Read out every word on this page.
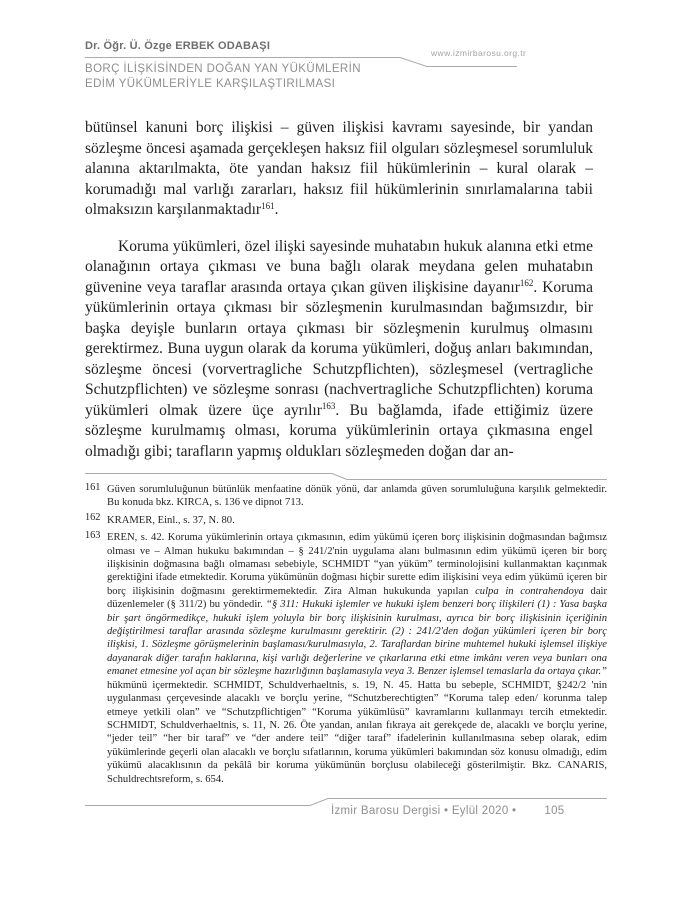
Dr. Öğr. Ü. Özge ERBEK ODABAŞI
www.izmirbarosu.org.tr
BORÇ İLİŞKİSİNDEN DOĞAN YAN YÜKÜMLERİN
EDİM YÜKÜMLERİYLE KARŞILAŞTIRILMASI

bütünsel kanuni borç ilişkisi – güven ilişkisi kavramı sayesinde, bir yandan sözleşme öncesi aşamada gerçekleşen haksız fiil olguları sözleşmesel sorumluluk alanına aktarılmakta, öte yandan haksız fiil hükümlerinin – kural olarak – korumadığı mal varlığı zararları, haksız fiil hükümlerinin sınırlamalarına tabii olmaksızın karşılanmaktadır$^{161}$.

Koruma yükümleri, özel ilişki sayesinde muhatabın hukuk alanına etki etme olanağının ortaya çıkması ve buna bağlı olarak meydana gelen muhatabın güvenine veya taraflar arasında ortaya çıkan güven ilişkisine dayanır$^{162}$. Koruma yükümlerinin ortaya çıkması bir sözleşmenin kurulmasından bağımsızdır, bir başka deyişle bunların ortaya çıkması bir sözleşmenin kurulmuş olmasını gerektirmez. Buna uygun olarak da koruma yükümleri, doğuş anları bakımından, sözleşme öncesi (vorvertragliche Schutzpflichten), sözleşmesel (vertragliche Schutzpflichten) ve sözleşme sonrası (nachvertragliche Schutzpflichten) koruma yükümleri olmak üzere üçe ayrılır$^{163}$. Bu bağlamda, ifade ettiğimiz üzere sözleşme kurulmamış olması, koruma yükümlerinin ortaya çıkmasına engel olmadığı gibi; tarafların yapmış oldukları sözleşmeden doğan dar an-

161 Güven sorumluluğunun bütünlük menfaatine dönük yönü, dar anlamda güven sorumluluğuna karşılık gelmektedir. Bu konuda bkz. KIRCA, s. 136 ve dipnot 713.
162 KRAMER, Einl., s. 37, N. 80.
163 EREN, s. 42. Koruma yükümlerinin ortaya çıkmasının, edim yükümü içeren borç ilişkisinin doğmasından bağımsız olması ve – Alman hukuku bakımından – § 241/2'nin uygulama alanı bulmasının edim yükümü içeren bir borç ilişkisinin doğmasına bağlı olmaması sebebiyle, SCHMIDT “yan yüküm” terminolojisini kullanmaktan kaçınmak gerektiğini ifade etmektedir. Koruma yükümünün doğması hiçbir surette edim ilişkisini veya edim yükümü içeren bir borç ilişkisinin doğmasını gerektirmemektedir. Zira Alman hukukunda yapılan culpa in contrahendoya dair düzenlemeler (§ 311/2) bu yöndedir. “§ 311: Hukuki işlemler ve hukuki işlem benzeri borç ilişkileri (1) : Yasa başka bir şart öngörmedikçe, hukuki işlem yoluyla bir borç ilişkisinin kurulması, ayrıca bir borç ilişkisinin içeriğinin değiştirilmesi taraflar arasında sözleşme kurulmasını gerektirir. (2) : 241/2'den doğan yükümleri içeren bir borç ilişkisi, 1. Sözleşme görüşmelerinin başlaması/kurulmasıyla, 2. Taraflardan birine muhtemel hukuki işlemsel ilişkiye dayanarak diğer tarafın haklarına, kişi varlığı değerlerine ve çıkarlarına etki etme imkânı veren veya bunları ona emanet etmesine yol açan bir sözleşme hazırlığının başlamasıyla veya 3. Benzer işlemsel temaslarla da ortaya çıkar.” hükmünü içermektedir. SCHMIDT, Schuldverhaeltnis, s. 19, N. 45. Hatta bu sebeple, SCHMIDT, §242/2 'nin uygulanması çerçevesinde alacaklı ve borçlu yerine, “Schutzberechtigten” “Koruma talep eden/ korunma talep etmeye yetkili olan” ve “Schutzpflichtigen” “Koruma yükümlüsü” kavramlarını kullanmayı tercih etmektedir. SCHMIDT, Schuldverhaeltnis, s. 11, N. 26. Öte yandan, anılan fıkraya ait gerekçede de, alacaklı ve borçlu yerine, “jeder teil” “her bir taraf” ve “der andere teil” “diğer taraf” ifadelerinin kullanılmasına sebep olarak, edim yükümlerinde geçerli olan alacaklı ve borçlu sıfatlarının, koruma yükümleri bakımından söz konusu olmadığı, edim yükümü alacaklısının da pekâlâ bir koruma yükümünün borçlusu olabileceği gösterilmiştir. Bkz. CANARIS, Schuldrechtsreform, s. 654.
İzmir Barosu Dergisi • Eylül 2020 • 105
